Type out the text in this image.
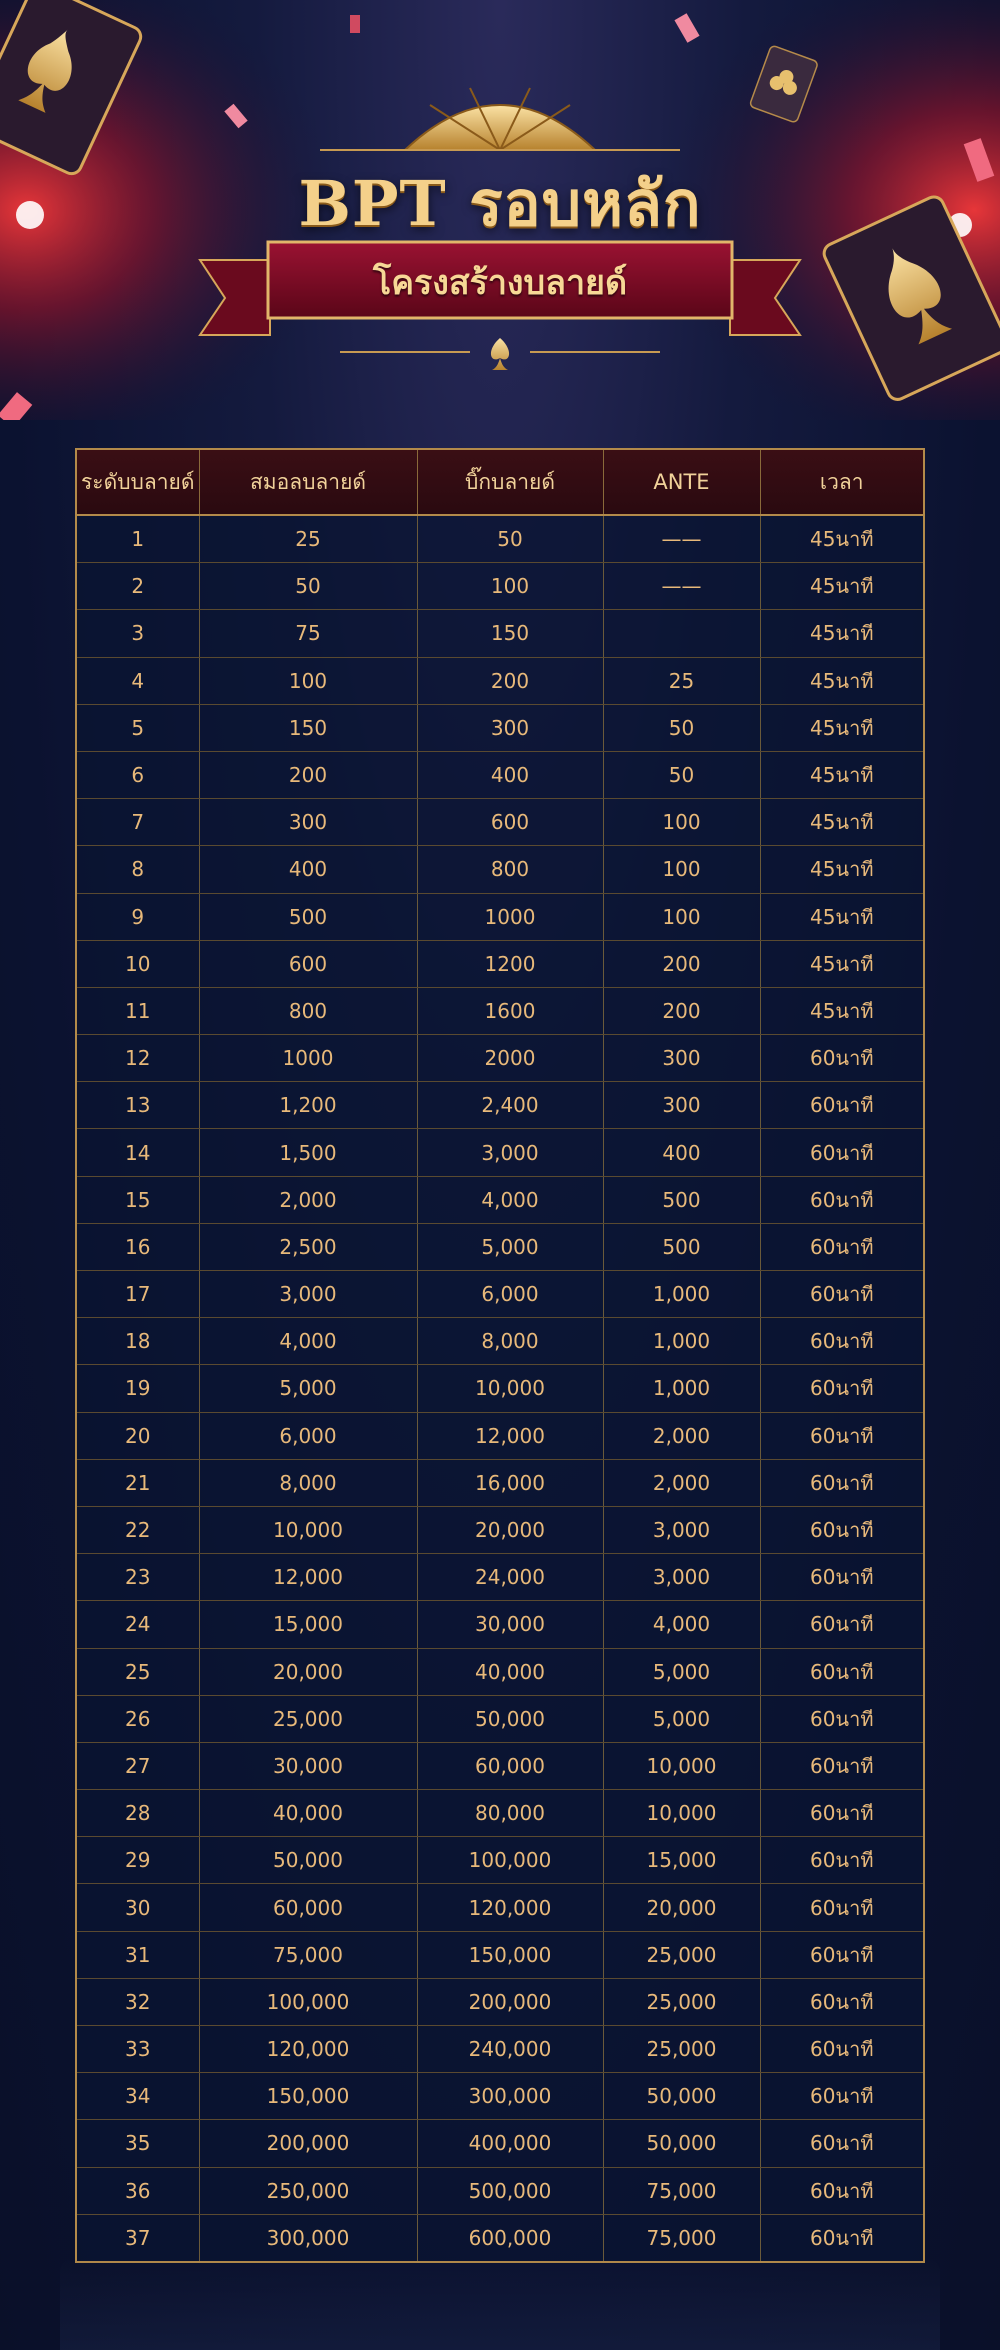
BPT รอบหลัก
โครงสร้างบลายด์
ระดับบลายด์	สมอลบลายด์	บิ๊กบลายด์	ANTE	เวลา
1	25	50	——	45นาที
2	50	100	——	45นาที
3	75	150		45นาที
4	100	200	25	45นาที
5	150	300	50	45นาที
6	200	400	50	45นาที
7	300	600	100	45นาที
8	400	800	100	45นาที
9	500	1000	100	45นาที
10	600	1200	200	45นาที
11	800	1600	200	45นาที
12	1000	2000	300	60นาที
13	1,200	2,400	300	60นาที
14	1,500	3,000	400	60นาที
15	2,000	4,000	500	60นาที
16	2,500	5,000	500	60นาที
17	3,000	6,000	1,000	60นาที
18	4,000	8,000	1,000	60นาที
19	5,000	10,000	1,000	60นาที
20	6,000	12,000	2,000	60นาที
21	8,000	16,000	2,000	60นาที
22	10,000	20,000	3,000	60นาที
23	12,000	24,000	3,000	60นาที
24	15,000	30,000	4,000	60นาที
25	20,000	40,000	5,000	60นาที
26	25,000	50,000	5,000	60นาที
27	30,000	60,000	10,000	60นาที
28	40,000	80,000	10,000	60นาที
29	50,000	100,000	15,000	60นาที
30	60,000	120,000	20,000	60นาที
31	75,000	150,000	25,000	60นาที
32	100,000	200,000	25,000	60นาที
33	120,000	240,000	25,000	60นาที
34	150,000	300,000	50,000	60นาที
35	200,000	400,000	50,000	60นาที
36	250,000	500,000	75,000	60นาที
37	300,000	600,000	75,000	60นาที
